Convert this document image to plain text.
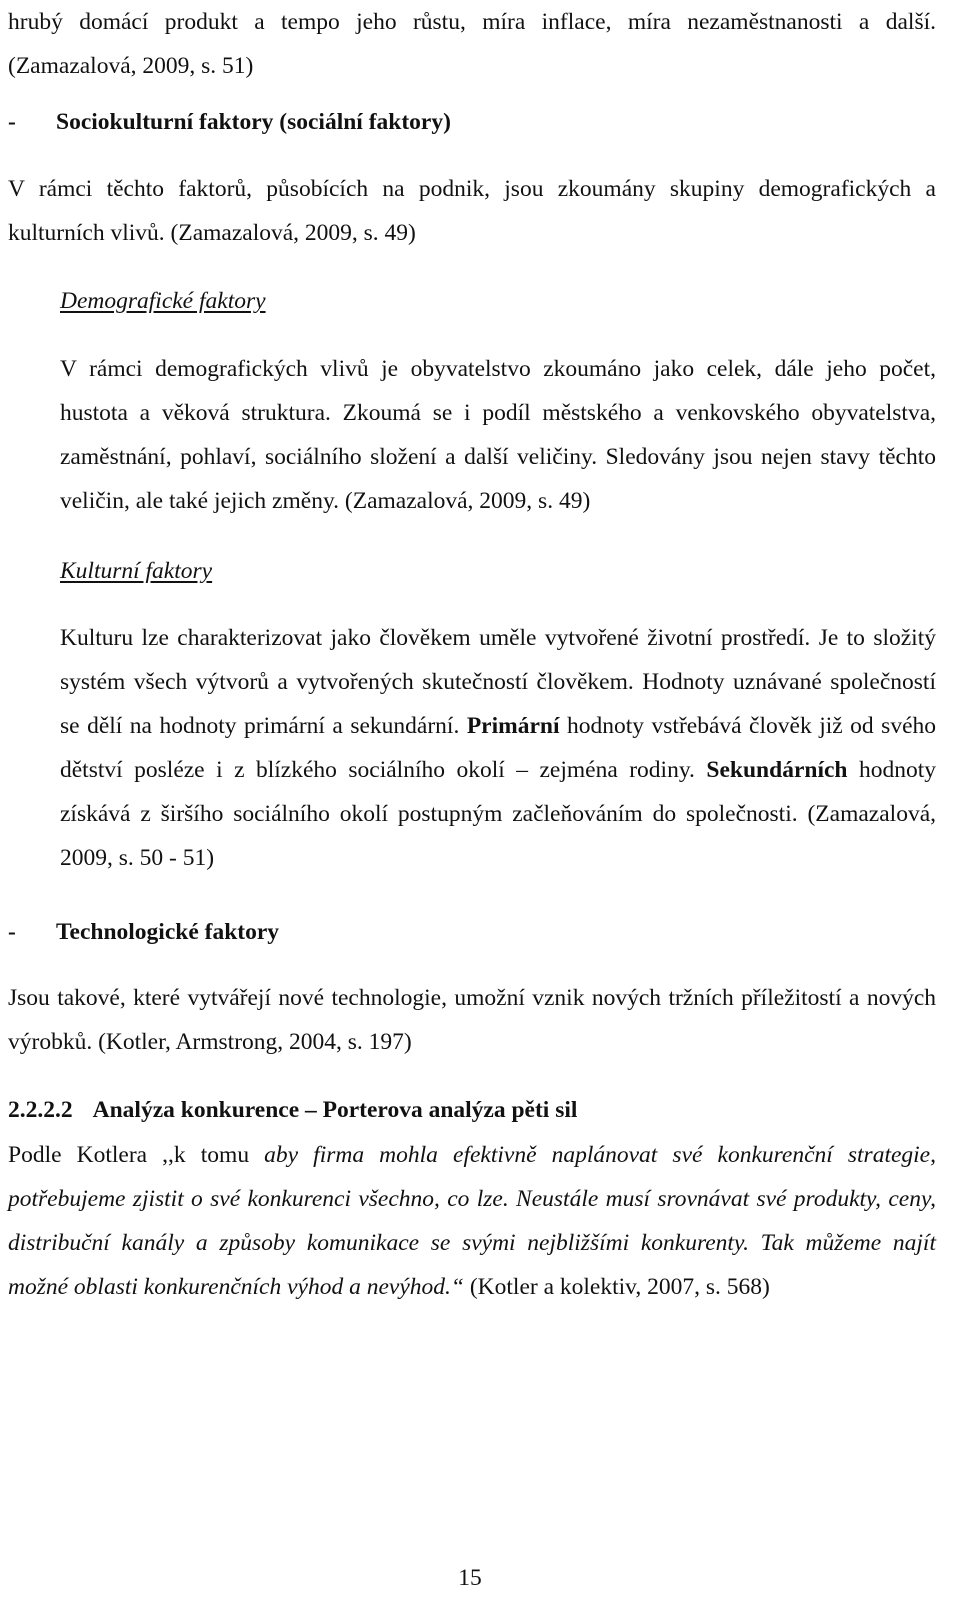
hrubý domácí produkt a tempo jeho růstu, míra inflace, míra nezaměstnanosti a další.
(Zamazalová, 2009, s. 51)

- Sociokulturní faktory (sociální faktory)

V rámci těchto faktorů, působících na podnik, jsou zkoumány skupiny demografických a kulturních vlivů. (Zamazalová, 2009, s. 49)

Demografické faktory

V rámci demografických vlivů je obyvatelstvo zkoumáno jako celek, dále jeho počet, hustota a věková struktura. Zkoumá se i podíl městského a venkovského obyvatelstva, zaměstnání, pohlaví, sociálního složení a další veličiny. Sledovány jsou nejen stavy těchto veličin, ale také jejich změny. (Zamazalová, 2009, s. 49)

Kulturní faktory

Kulturu lze charakterizovat jako člověkem uměle vytvořené životní prostředí. Je to složitý systém všech výtvorů a vytvořených skutečností člověkem. Hodnoty uznávané společností se dělí na hodnoty primární a sekundární. Primární hodnoty vstřebává člověk již od svého dětství posléze i z blízkého sociálního okolí – zejména rodiny. Sekundárních hodnoty získává z širšího sociálního okolí postupným začleňováním do společnosti. (Zamazalová, 2009, s. 50 - 51)

- Technologické faktory

Jsou takové, které vytvářejí nové technologie, umožní vznik nových tržních příležitostí a nových výrobků. (Kotler, Armstrong, 2004, s. 197)

2.2.2.2 Analýza konkurence – Porterova analýza pěti sil

Podle Kotlera ,,k tomu aby firma mohla efektivně naplánovat své konkurenční strategie, potřebujeme zjistit o své konkurenci všechno, co lze. Neustále musí srovnávat své produkty, ceny, distribuční kanály a způsoby komunikace se svými nejbližšími konkurenty. Tak můžeme najít možné oblasti konkurenčních výhod a nevýhod.“ (Kotler a kolektiv, 2007, s. 568)

15
